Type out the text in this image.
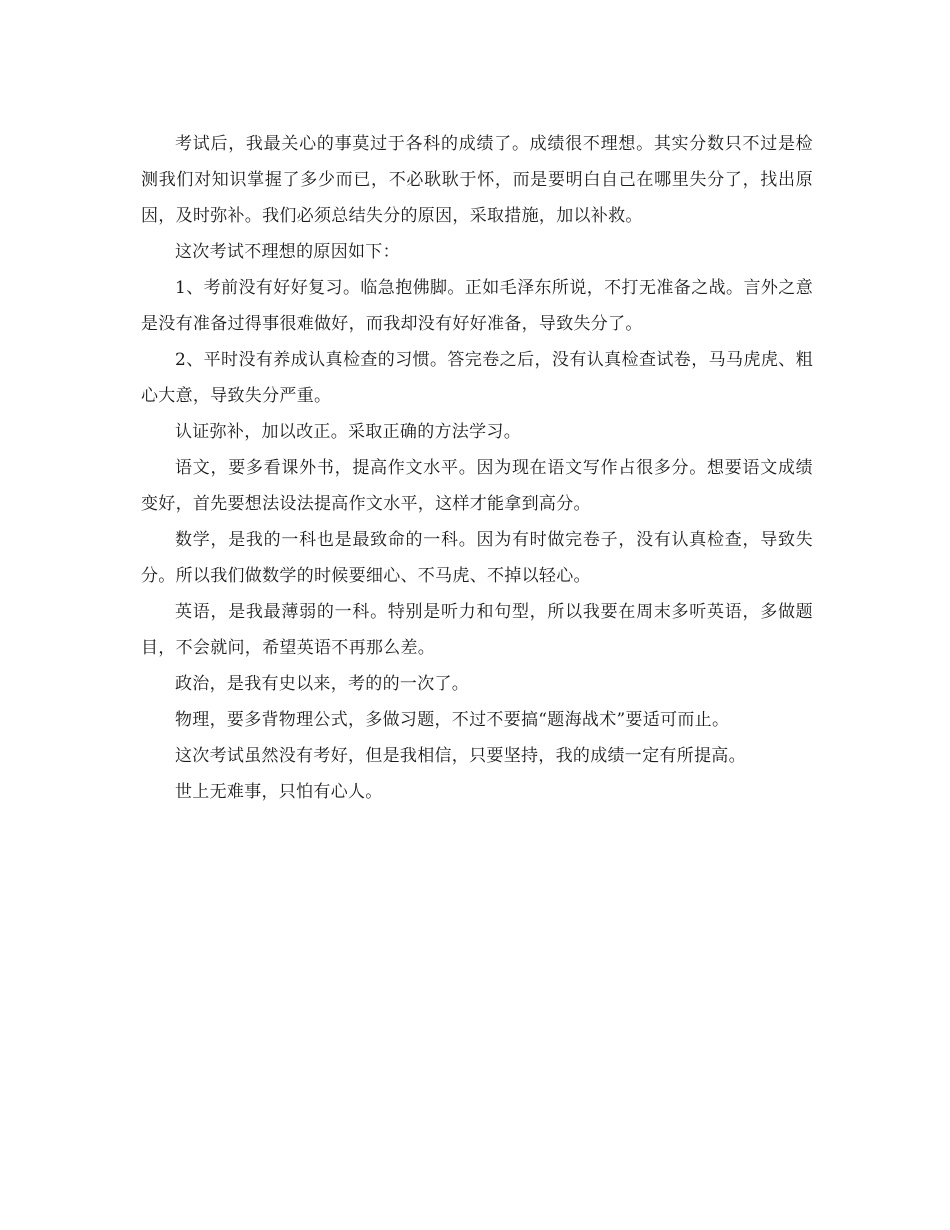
考试后，我最关心的事莫过于各科的成绩了。成绩很不理想。其实分数只不过是检测我们对知识掌握了多少而已，不必耿耿于怀，而是要明白自己在哪里失分了，找出原因，及时弥补。我们必须总结失分的原因，采取措施，加以补救。

这次考试不理想的原因如下：

1、考前没有好好复习。临急抱佛脚。正如毛泽东所说，不打无准备之战。言外之意是没有准备过得事很难做好，而我却没有好好准备，导致失分了。

2、平时没有养成认真检查的习惯。答完卷之后，没有认真检查试卷，马马虎虎、粗心大意，导致失分严重。

认证弥补，加以改正。采取正确的方法学习。

语文，要多看课外书，提高作文水平。因为现在语文写作占很多分。想要语文成绩变好，首先要想法设法提高作文水平，这样才能拿到高分。

数学，是我的一科也是最致命的一科。因为有时做完卷子，没有认真检查，导致失分。所以我们做数学的时候要细心、不马虎、不掉以轻心。

英语，是我最薄弱的一科。特别是听力和句型，所以我要在周末多听英语，多做题目，不会就问，希望英语不再那么差。

政治，是我有史以来，考的的一次了。

物理，要多背物理公式，多做习题，不过不要搞“题海战术”要适可而止。

这次考试虽然没有考好，但是我相信，只要坚持，我的成绩一定有所提高。

世上无难事，只怕有心人。
